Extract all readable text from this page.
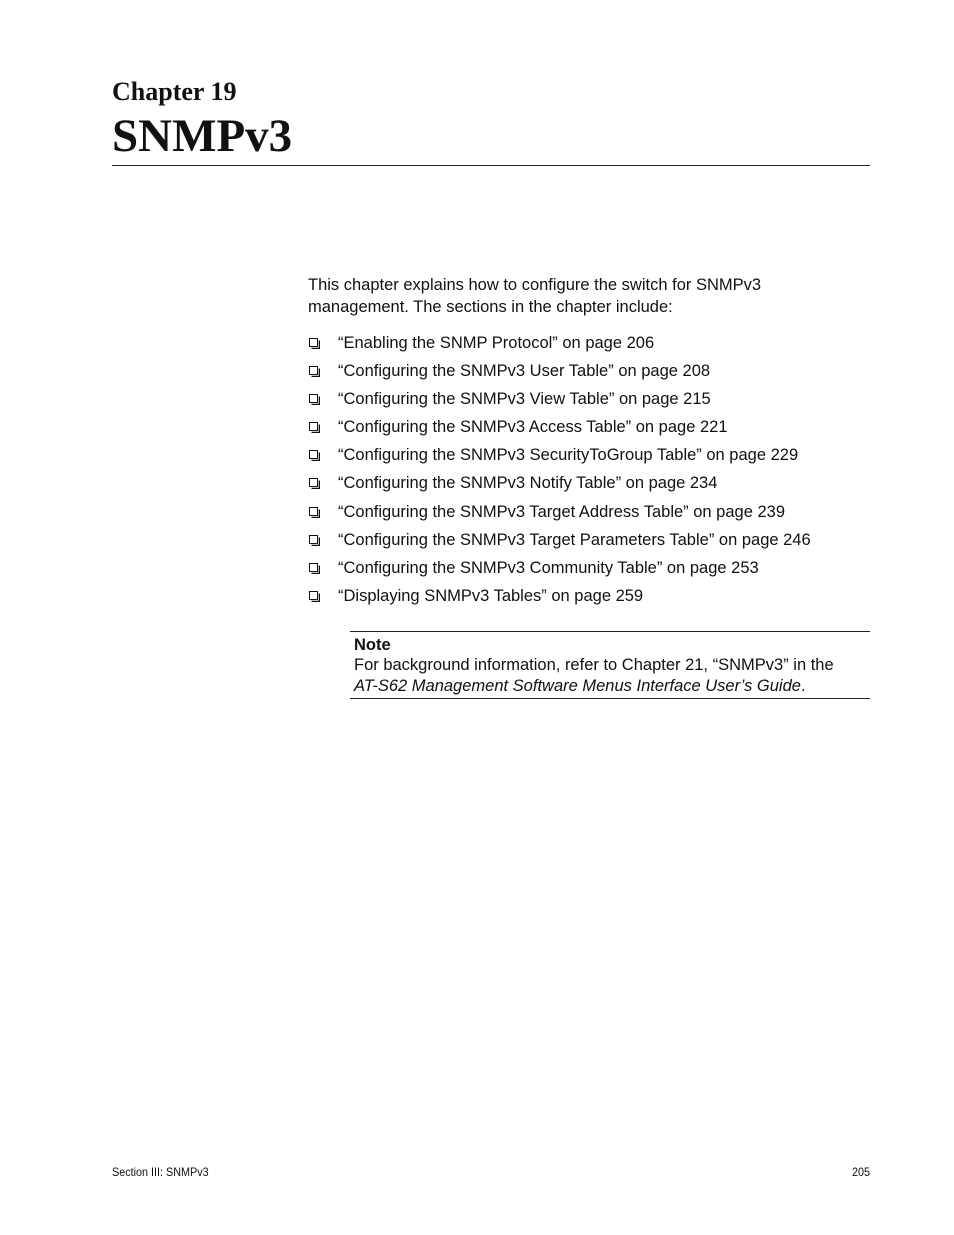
Chapter 19
SNMPv3

This chapter explains how to configure the switch for SNMPv3
management. The sections in the chapter include:

“Enabling the SNMP Protocol” on page 206
“Configuring the SNMPv3 User Table” on page 208
“Configuring the SNMPv3 View Table” on page 215
“Configuring the SNMPv3 Access Table” on page 221
“Configuring the SNMPv3 SecurityToGroup Table” on page 229
“Configuring the SNMPv3 Notify Table” on page 234
“Configuring the SNMPv3 Target Address Table” on page 239
“Configuring the SNMPv3 Target Parameters Table” on page 246
“Configuring the SNMPv3 Community Table” on page 253
“Displaying SNMPv3 Tables” on page 259

Note

For background information, refer to Chapter 21, “SNMPv3” in the
AT-S62 Management Software Menus Interface User’s Guide.

Section III: SNMPv3	205
